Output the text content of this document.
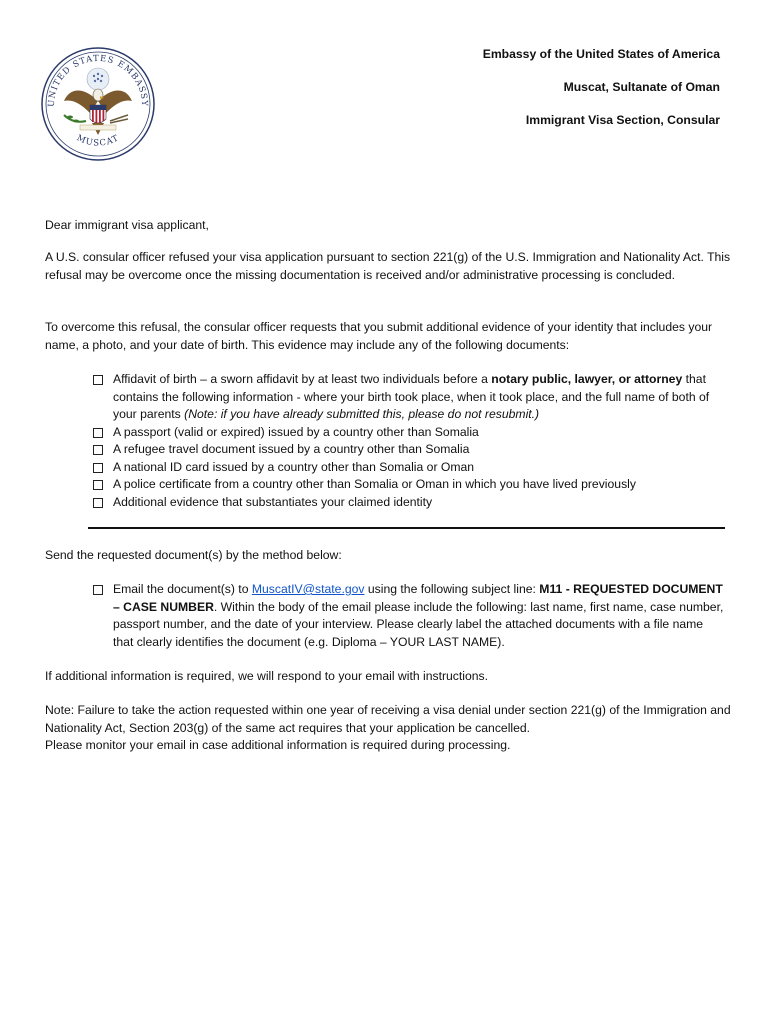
UNITED STATES EMBASSY
MUSCAT
Embassy of the United States of America
Muscat, Sultanate of Oman
Immigrant Visa Section, Consular
Dear immigrant visa applicant,
A U.S. consular officer refused your visa application pursuant to section 221(g) of the U.S. Immigration and Nationality Act. This refusal may be overcome once the missing documentation is received and/or administrative processing is concluded.
To overcome this refusal, the consular officer requests that you submit additional evidence of your identity that includes your name, a photo, and your date of birth. This evidence may include any of the following documents:
Affidavit of birth – a sworn affidavit by at least two individuals before a notary public, lawyer, or attorney that contains the following information - where your birth took place, when it took place, and the full name of both of your parents (Note: if you have already submitted this, please do not resubmit.)
A passport (valid or expired) issued by a country other than Somalia
A refugee travel document issued by a country other than Somalia
A national ID card issued by a country other than Somalia or Oman
A police certificate from a country other than Somalia or Oman in which you have lived previously
Additional evidence that substantiates your claimed identity
Send the requested document(s) by the method below:
Email the document(s) to MuscatIV@state.gov using the following subject line: M11 - REQUESTED DOCUMENT – CASE NUMBER. Within the body of the email please include the following: last name, first name, case number, passport number, and the date of your interview. Please clearly label the attached documents with a file name that clearly identifies the document (e.g. Diploma – YOUR LAST NAME).
If additional information is required, we will respond to your email with instructions.
Note: Failure to take the action requested within one year of receiving a visa denial under section 221(g) of the Immigration and Nationality Act, Section 203(g) of the same act requires that your application be cancelled.
Please monitor your email in case additional information is required during processing.
